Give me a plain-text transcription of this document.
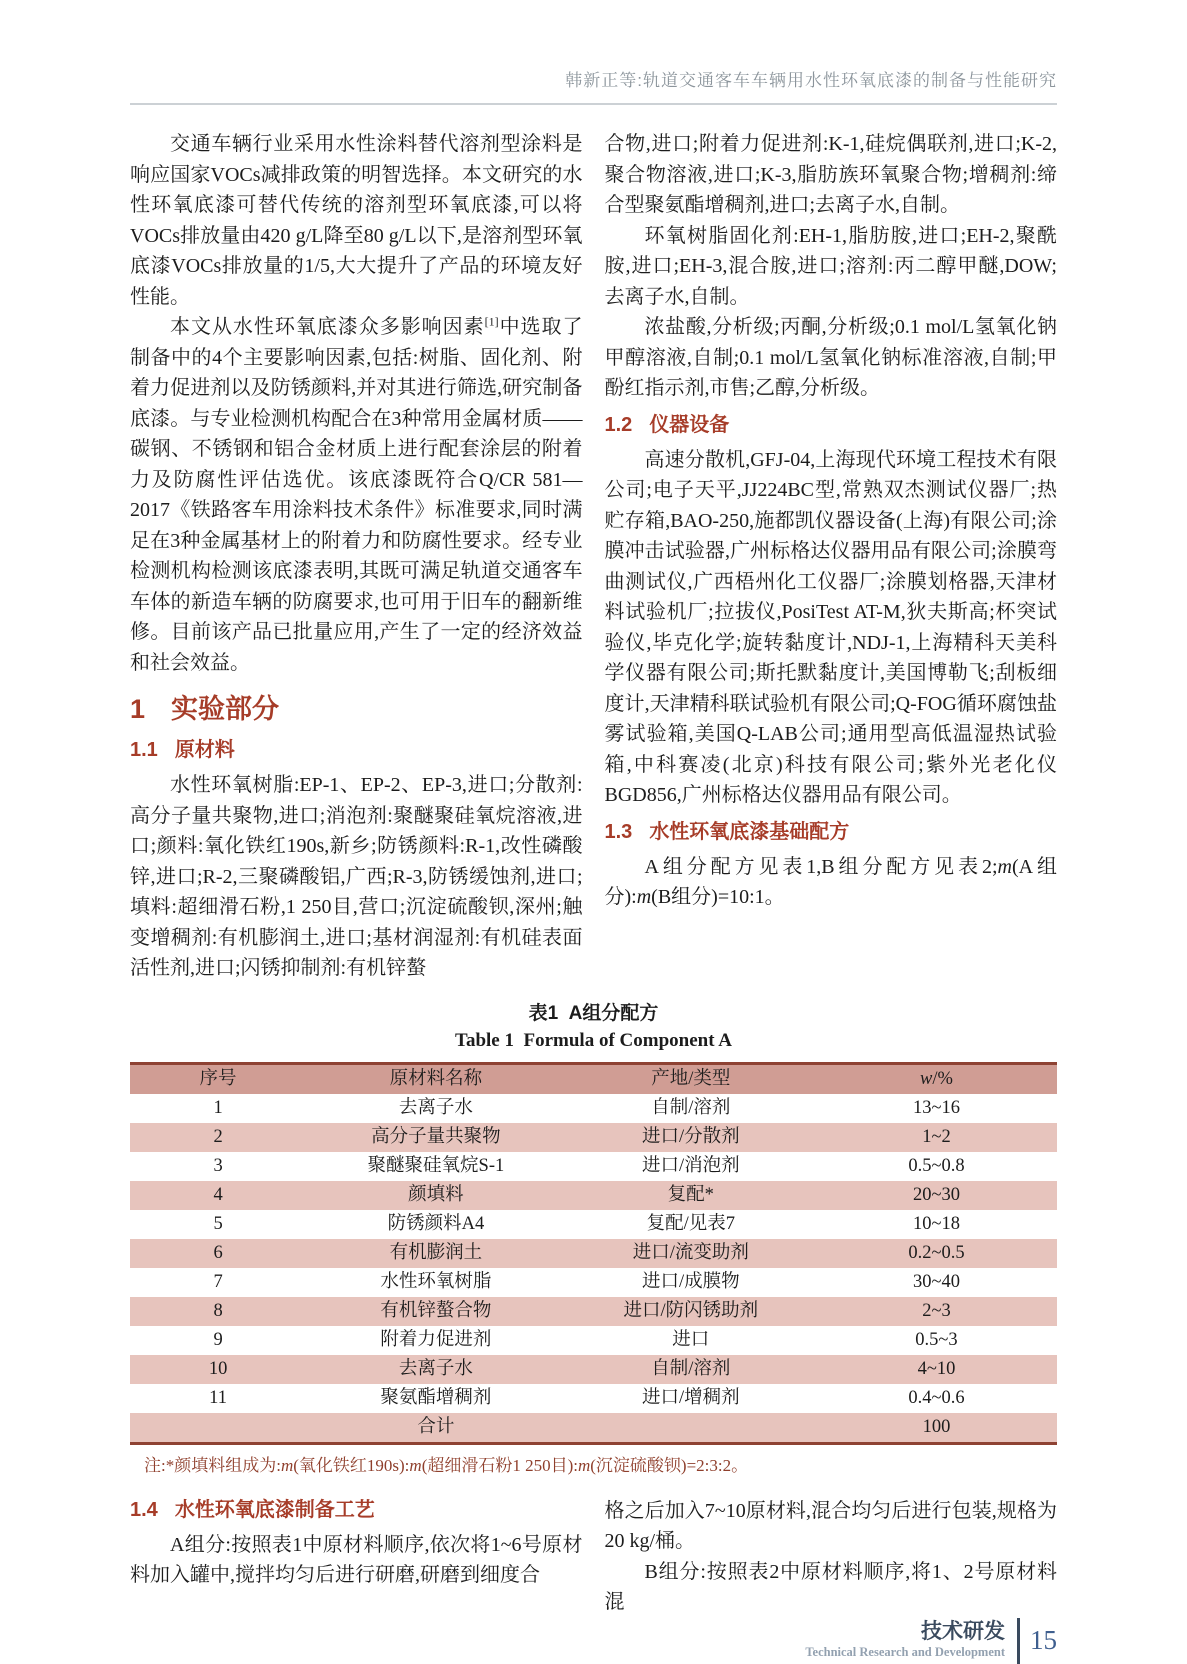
韩新正等:轨道交通客车车辆用水性环氧底漆的制备与性能研究

交通车辆行业采用水性涂料替代溶剂型涂料是响应国家VOCs减排政策的明智选择。本文研究的水性环氧底漆可替代传统的溶剂型环氧底漆,可以将VOCs排放量由420 g/L降至80 g/L以下,是溶剂型环氧底漆VOCs排放量的1/5,大大提升了产品的环境友好性能。

本文从水性环氧底漆众多影响因素[1]中选取了制备中的4个主要影响因素,包括:树脂、固化剂、附着力促进剂以及防锈颜料,并对其进行筛选,研究制备底漆。与专业检测机构配合在3种常用金属材质——碳钢、不锈钢和铝合金材质上进行配套涂层的附着力及防腐性评估选优。该底漆既符合Q/CR 581—2017《铁路客车用涂料技术条件》标准要求,同时满足在3种金属基材上的附着力和防腐性要求。经专业检测机构检测该底漆表明,其既可满足轨道交通客车车体的新造车辆的防腐要求,也可用于旧车的翻新维修。目前该产品已批量应用,产生了一定的经济效益和社会效益。

1 实验部分
1.1 原材料

水性环氧树脂:EP-1、EP-2、EP-3,进口;分散剂:高分子量共聚物,进口;消泡剂:聚醚聚硅氧烷溶液,进口;颜料:氧化铁红190s,新乡;防锈颜料:R-1,改性磷酸锌,进口;R-2,三聚磷酸铝,广西;R-3,防锈缓蚀剂,进口;填料:超细滑石粉,1 250目,营口;沉淀硫酸钡,深州;触变增稠剂:有机膨润土,进口;基材润湿剂:有机硅表面活性剂,进口;闪锈抑制剂:有机锌螯

合物,进口;附着力促进剂:K-1,硅烷偶联剂,进口;K-2,聚合物溶液,进口;K-3,脂肪族环氧聚合物;增稠剂:缔合型聚氨酯增稠剂,进口;去离子水,自制。

环氧树脂固化剂:EH-1,脂肪胺,进口;EH-2,聚酰胺,进口;EH-3,混合胺,进口;溶剂:丙二醇甲醚,DOW;去离子水,自制。

浓盐酸,分析级;丙酮,分析级;0.1 mol/L氢氧化钠甲醇溶液,自制;0.1 mol/L氢氧化钠标准溶液,自制;甲酚红指示剂,市售;乙醇,分析级。

1.2 仪器设备

高速分散机,GFJ-04,上海现代环境工程技术有限公司;电子天平,JJ224BC型,常熟双杰测试仪器厂;热贮存箱,BAO-250,施都凯仪器设备(上海)有限公司;涂膜冲击试验器,广州标格达仪器用品有限公司;涂膜弯曲测试仪,广西梧州化工仪器厂;涂膜划格器,天津材料试验机厂;拉拔仪,PosiTest AT-M,狄夫斯高;杯突试验仪,毕克化学;旋转黏度计,NDJ-1,上海精科天美科学仪器有限公司;斯托默黏度计,美国博勒飞;刮板细度计,天津精科联试验机有限公司;Q-FOG循环腐蚀盐雾试验箱,美国Q-LAB公司;通用型高低温湿热试验箱,中科赛凌(北京)科技有限公司;紫外光老化仪BGD856,广州标格达仪器用品有限公司。

1.3 水性环氧底漆基础配方

A组分配方见表1,B组分配方见表2;m(A组分):m(B组分)=10:1。

表1  A组分配方
Table 1  Formula of Component A
序号	原材料名称	产地/类型	w/%
1	去离子水	自制/溶剂	13~16
2	高分子量共聚物	进口/分散剂	1~2
3	聚醚聚硅氧烷S-1	进口/消泡剂	0.5~0.8
4	颜填料	复配*	20~30
5	防锈颜料A4	复配/见表7	10~18
6	有机膨润土	进口/流变助剂	0.2~0.5
7	水性环氧树脂	进口/成膜物	30~40
8	有机锌螯合物	进口/防闪锈助剂	2~3
9	附着力促进剂	进口	0.5~3
10	去离子水	自制/溶剂	4~10
11	聚氨酯增稠剂	进口/增稠剂	0.4~0.6
	合计		100

注:*颜填料组成为:m(氧化铁红190s):m(超细滑石粉1 250目):m(沉淀硫酸钡)=2:3:2。

1.4 水性环氧底漆制备工艺

A组分:按照表1中原材料顺序,依次将1~6号原材料加入罐中,搅拌均匀后进行研磨,研磨到细度合

格之后加入7~10原材料,混合均匀后进行包装,规格为20 kg/桶。

B组分:按照表2中原材料顺序,将1、2号原材料混

技术研发
Technical Research and Development 15
